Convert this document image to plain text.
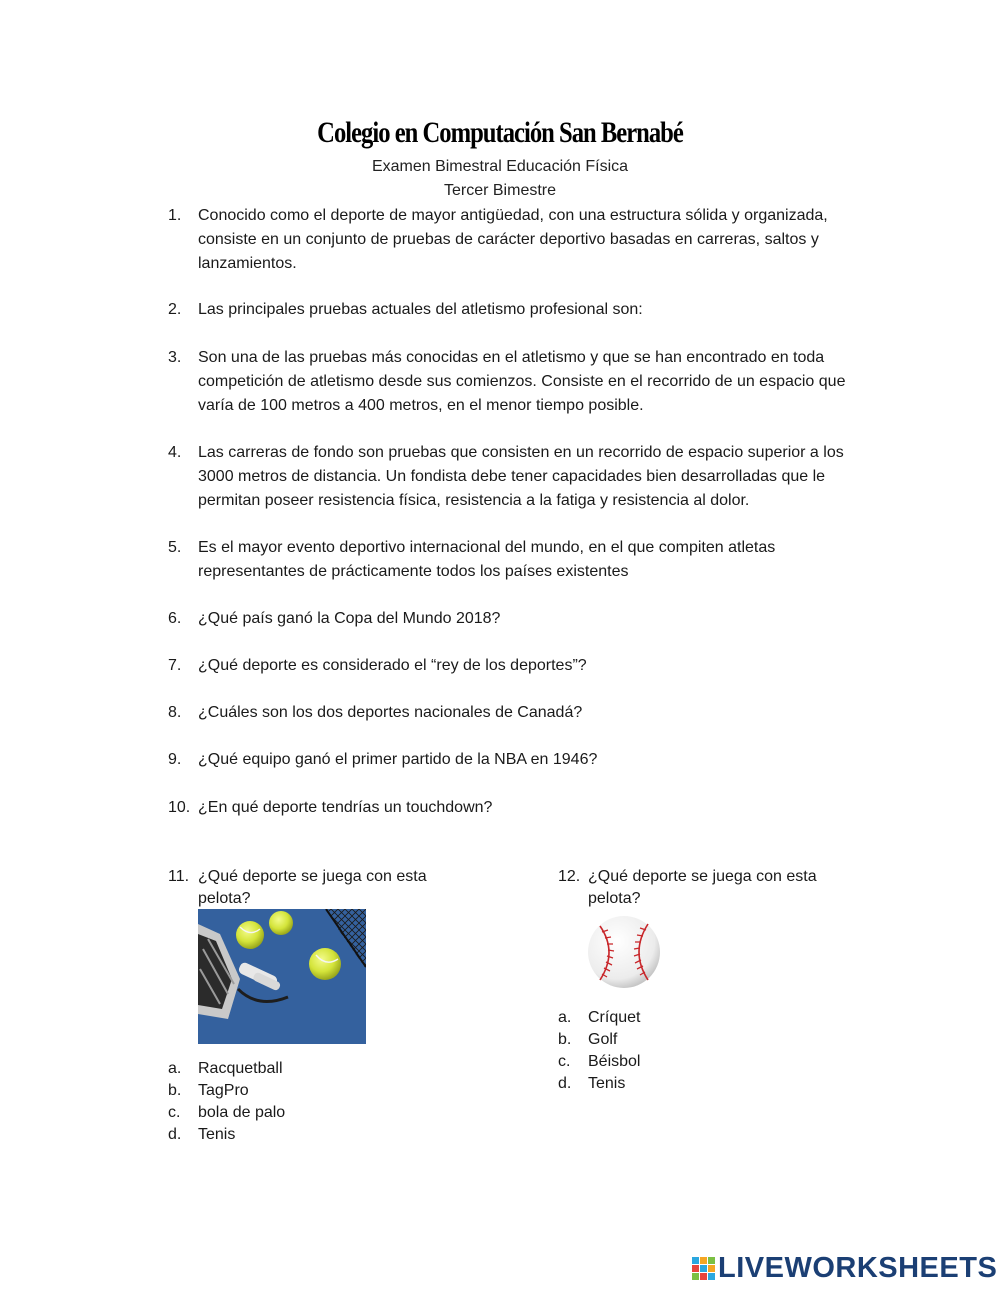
Colegio en Computación San Bernabé
Examen Bimestral Educación Física
Tercer Bimestre
1.	Conocido como el deporte de mayor antigüedad, con una estructura sólida y organizada, consiste en un conjunto de pruebas de carácter deportivo basadas en carreras, saltos y lanzamientos.
2.	Las principales pruebas actuales del atletismo profesional son:
3.	Son una de las pruebas más conocidas en el atletismo y que se han encontrado en toda competición de atletismo desde sus comienzos. Consiste en el recorrido de un espacio que varía de 100 metros a 400 metros, en el menor tiempo posible.
4.	Las carreras de fondo son pruebas que consisten en un recorrido de espacio superior a los 3000 metros de distancia. Un fondista debe tener capacidades bien desarrolladas que le permitan poseer resistencia física, resistencia a la fatiga y resistencia al dolor.
5.	Es el mayor evento deportivo internacional del mundo, en el que compiten atletas representantes de prácticamente todos los países existentes
6.	¿Qué país ganó la Copa del Mundo 2018?
7.	¿Qué deporte es considerado el “rey de los deportes”?
8.	¿Cuáles son los dos deportes nacionales de Canadá?
9.	¿Qué equipo ganó el primer partido de la NBA en 1946?
10. ¿En qué deporte tendrías un touchdown?
11. ¿Qué deporte se juega con esta pelota?
a. Racquetball
b. TagPro
c. bola de palo
d. Tenis
12. ¿Qué deporte se juega con esta pelota?
a. Críquet
b. Golf
c. Béisbol
d. Tenis
LIVEWORKSHEETS
